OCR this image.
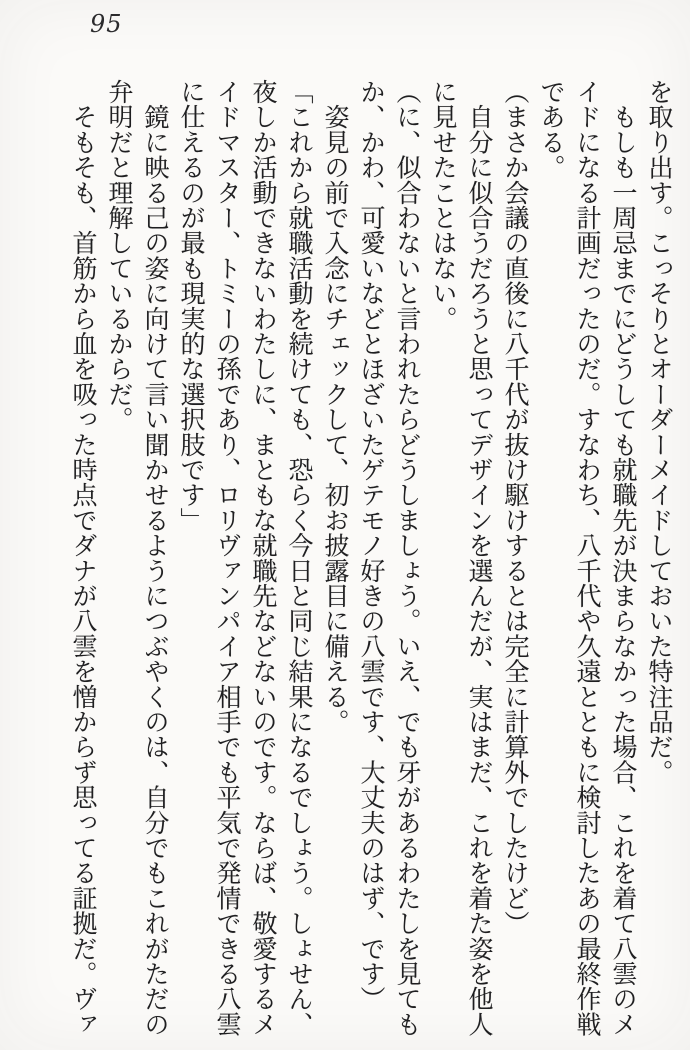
95

を取り出す。こっそりとオーダーメイドしておいた特注品だ。

　もしも一周忌までにどうしても就職先が決まらなかった場合、これを着て八雲のメ

イドになる計画だったのだ。すなわち、八千代や久遠とともに検討したあの最終作戦

である。

（まさか会議の直後に八千代が抜け駆けするとは完全に計算外でしたけど）

　自分に似合うだろうと思ってデザインを選んだが、実はまだ、これを着た姿を他人

に見せたことはない。

（に、似合わないと言われたらどうしましょう。いえ、でも牙があるわたしを見ても

か、かわ、可愛いなどとほざいたゲテモノ好きの八雲です、大丈夫のはず、です）

　姿見の前で入念にチェックして、初お披露目に備える。

「これから就職活動を続けても、恐らく今日と同じ結果になるでしょう。しょせん、

夜しか活動できないわたしに、まともな就職先などないのです。ならば、敬愛するメ

イドマスター、トミーの孫であり、ロリヴァンパイア相手でも平気で発情できる八雲

に仕えるのが最も現実的な選択肢です」

　鏡に映る己の姿に向けて言い聞かせるようにつぶやくのは、自分でもこれがただの

弁明だと理解しているからだ。

　そもそも、首筋から血を吸った時点でダナが八雲を憎からず思ってる証拠だ。ヴァ
